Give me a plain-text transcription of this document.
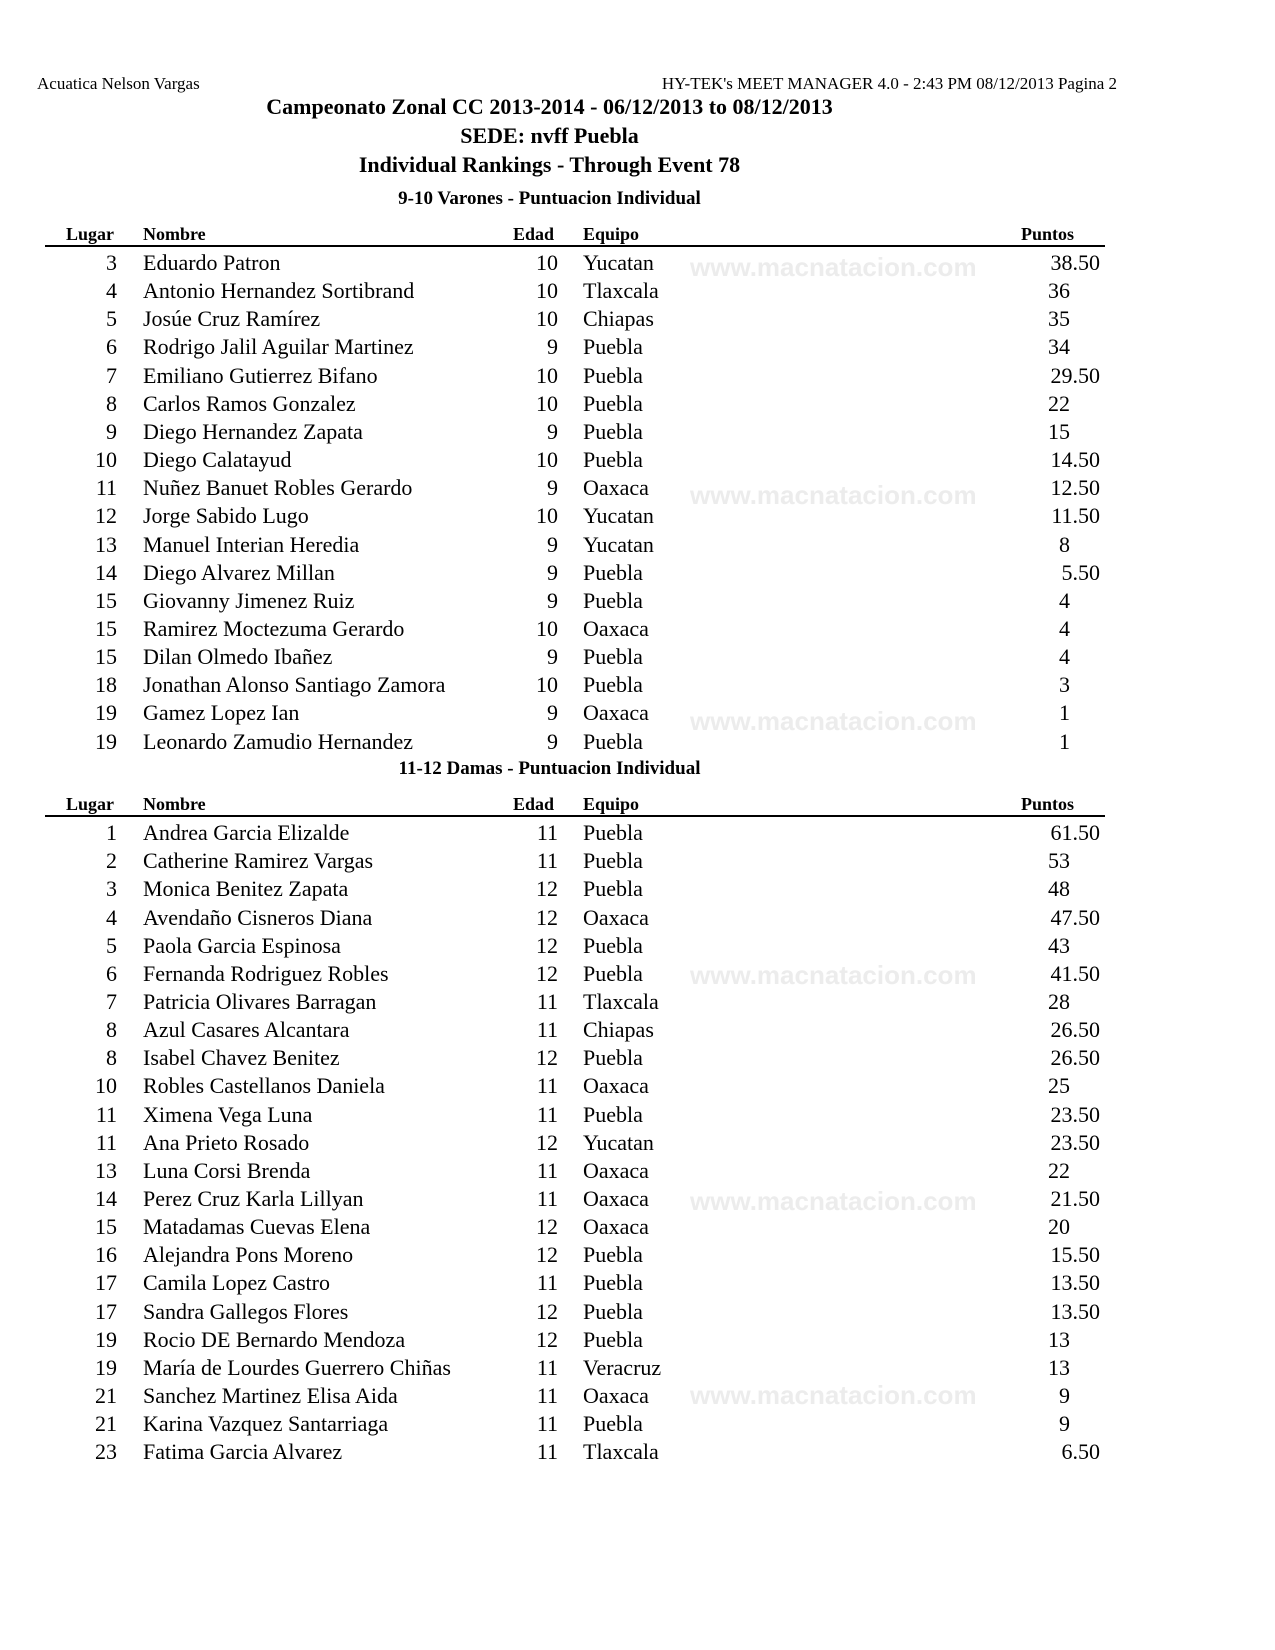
Acuatica Nelson Vargas	HY-TEK's MEET MANAGER 4.0 - 2:43 PM 08/12/2013 Pagina 2
Campeonato Zonal CC 2013-2014 - 06/12/2013 to 08/12/2013
SEDE: nvff Puebla
Individual Rankings - Through Event 78
www.macnatacion.com
www.macnatacion.com
www.macnatacion.com
www.macnatacion.com
www.macnatacion.com
www.macnatacion.com
9-10 Varones - Puntuacion Individual
Lugar Nombre	Edad Equipo	Puntos
3 Eduardo Patron	10 Yucatan	38.50
4 Antonio Hernandez Sortibrand	10 Tlaxcala	36
5 Josúe Cruz Ramírez	10 Chiapas	35
6 Rodrigo Jalil Aguilar Martinez	9 Puebla	34
7 Emiliano Gutierrez Bifano	10 Puebla	29.50
8 Carlos Ramos Gonzalez	10 Puebla	22
9 Diego Hernandez Zapata	9 Puebla	15
10 Diego Calatayud	10 Puebla	14.50
11 Nuñez Banuet Robles Gerardo	9 Oaxaca	12.50
12 Jorge Sabido Lugo	10 Yucatan	11.50
13 Manuel Interian Heredia	9 Yucatan	8
14 Diego Alvarez Millan	9 Puebla	5.50
15 Giovanny Jimenez Ruiz	9 Puebla	4
15 Ramirez Moctezuma Gerardo	10 Oaxaca	4
15 Dilan Olmedo Ibañez	9 Puebla	4
18 Jonathan Alonso Santiago Zamora	10 Puebla	3
19 Gamez Lopez Ian	9 Oaxaca	1
19 Leonardo Zamudio Hernandez	9 Puebla	1
11-12 Damas - Puntuacion Individual
Lugar Nombre	Edad Equipo	Puntos
1 Andrea Garcia Elizalde	11 Puebla	61.50
2 Catherine Ramirez Vargas	11 Puebla	53
3 Monica Benitez Zapata	12 Puebla	48
4 Avendaño Cisneros Diana	12 Oaxaca	47.50
5 Paola Garcia Espinosa	12 Puebla	43
6 Fernanda Rodriguez Robles	12 Puebla	41.50
7 Patricia Olivares Barragan	11 Tlaxcala	28
8 Azul Casares Alcantara	11 Chiapas	26.50
8 Isabel Chavez Benitez	12 Puebla	26.50
10 Robles Castellanos Daniela	11 Oaxaca	25
11 Ximena Vega Luna	11 Puebla	23.50
11 Ana Prieto Rosado	12 Yucatan	23.50
13 Luna Corsi Brenda	11 Oaxaca	22
14 Perez Cruz Karla Lillyan	11 Oaxaca	21.50
15 Matadamas Cuevas Elena	12 Oaxaca	20
16 Alejandra Pons Moreno	12 Puebla	15.50
17 Camila Lopez Castro	11 Puebla	13.50
17 Sandra Gallegos Flores	12 Puebla	13.50
19 Rocio DE Bernardo Mendoza	12 Puebla	13
19 María de Lourdes Guerrero Chiñas	11 Veracruz	13
21 Sanchez Martinez Elisa Aida	11 Oaxaca	9
21 Karina Vazquez Santarriaga	11 Puebla	9
23 Fatima Garcia Alvarez	11 Tlaxcala	6.50
